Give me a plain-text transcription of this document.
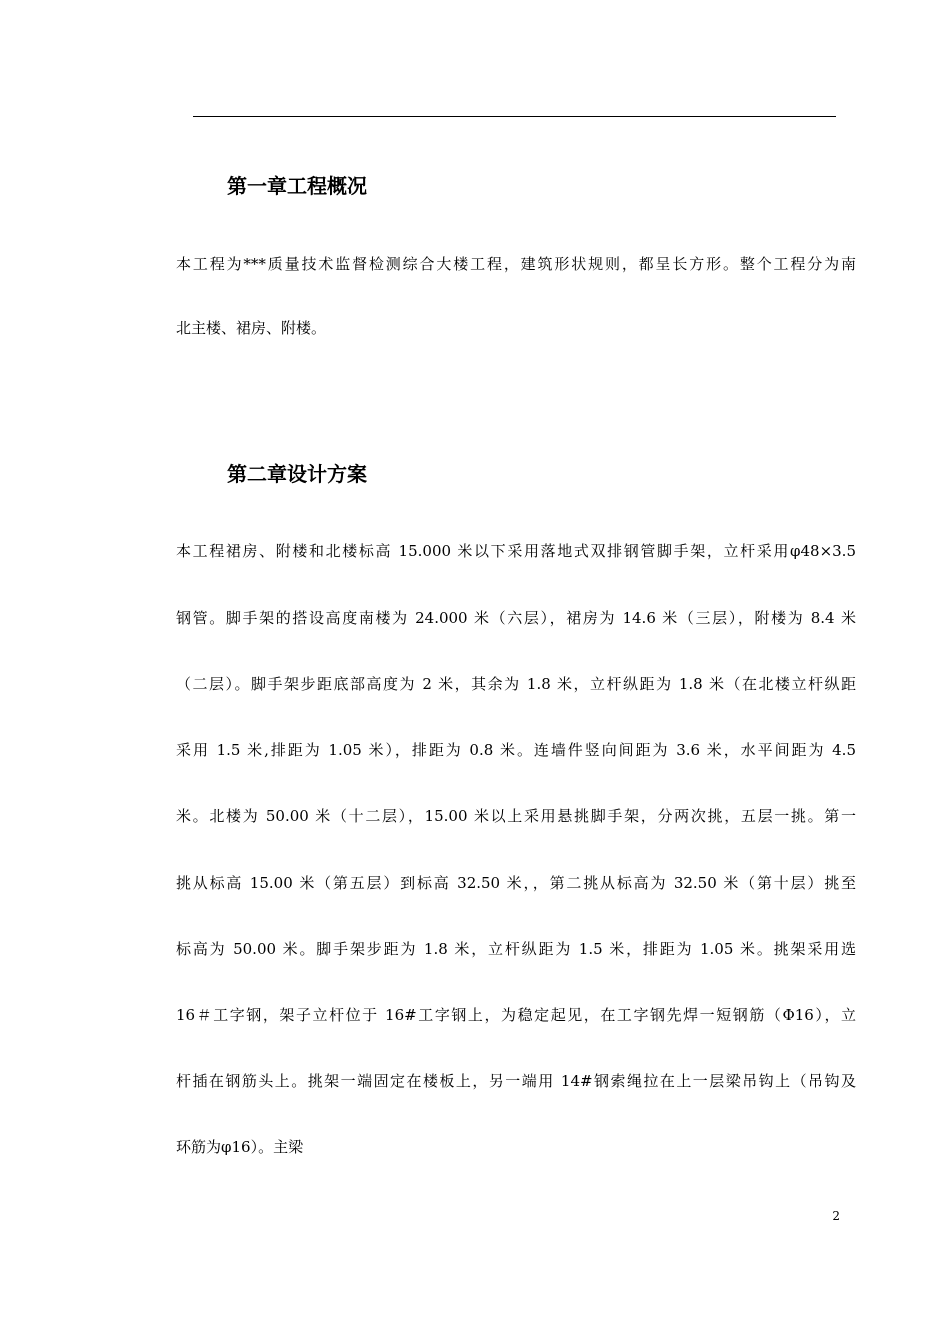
第一章工程概况

本工程为***质量技术监督检测综合大楼工程，建筑形状规则，都呈长方形。整个工程分为南

北主楼、裙房、附楼。

第二章设计方案

本工程裙房、附楼和北楼标高 15.000 米以下采用落地式双排钢管脚手架，立杆采用φ48×3.5

钢管。脚手架的搭设高度南楼为 24.000 米（六层），裙房为 14.6 米（三层），附楼为 8.4 米

（二层）。脚手架步距底部高度为 2 米，其余为 1.8 米，立杆纵距为 1.8 米（在北楼立杆纵距

采用 1.5 米,排距为 1.05 米），排距为 0.8 米。连墙件竖向间距为 3.6 米，水平间距为 4.5

米。北楼为 50.00 米（十二层），15.00 米以上采用悬挑脚手架，分两次挑，五层一挑。第一

挑从标高 15.00 米（第五层）到标高 32.50 米，，第二挑从标高为 32.50 米（第十层）挑至

标高为 50.00 米。脚手架步距为 1.8 米，立杆纵距为 1.5 米，排距为 1.05 米。挑架采用选

16＃工字钢，架子立杆位于 16#工字钢上，为稳定起见，在工字钢先焊一短钢筋（Φ16），立

杆插在钢筋头上。挑架一端固定在楼板上，另一端用 14#钢索绳拉在上一层梁吊钩上（吊钩及

环筋为φ16）。主梁

2
